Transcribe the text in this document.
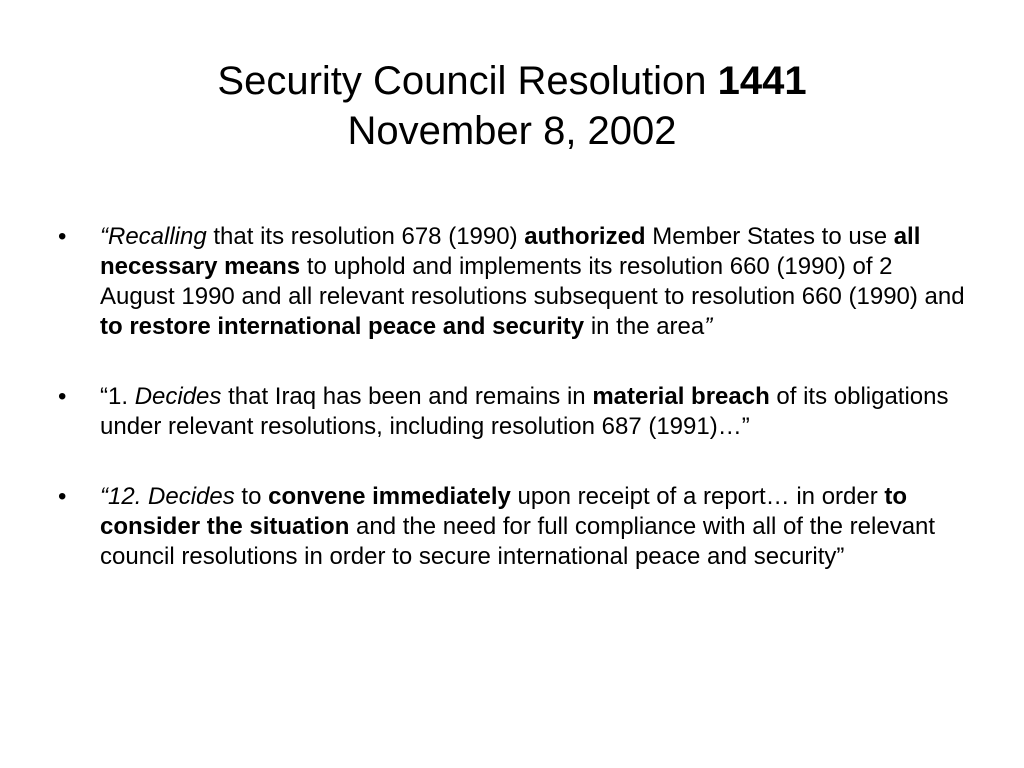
Security Council Resolution 1441
November 8, 2002
•	“Recalling that its resolution 678 (1990) authorized Member States to use all necessary means to uphold and implements its resolution 660 (1990) of 2 August 1990 and all relevant resolutions subsequent to resolution 660 (1990) and to restore international peace and security in the area”
•	“1. Decides that Iraq has been and remains in material breach of its obligations under relevant resolutions, including resolution 687 (1991)…”
•	“12. Decides to convene immediately upon receipt of a report… in order to consider the situation and the need for full compliance with all of the relevant council resolutions in order to secure international peace and security”
